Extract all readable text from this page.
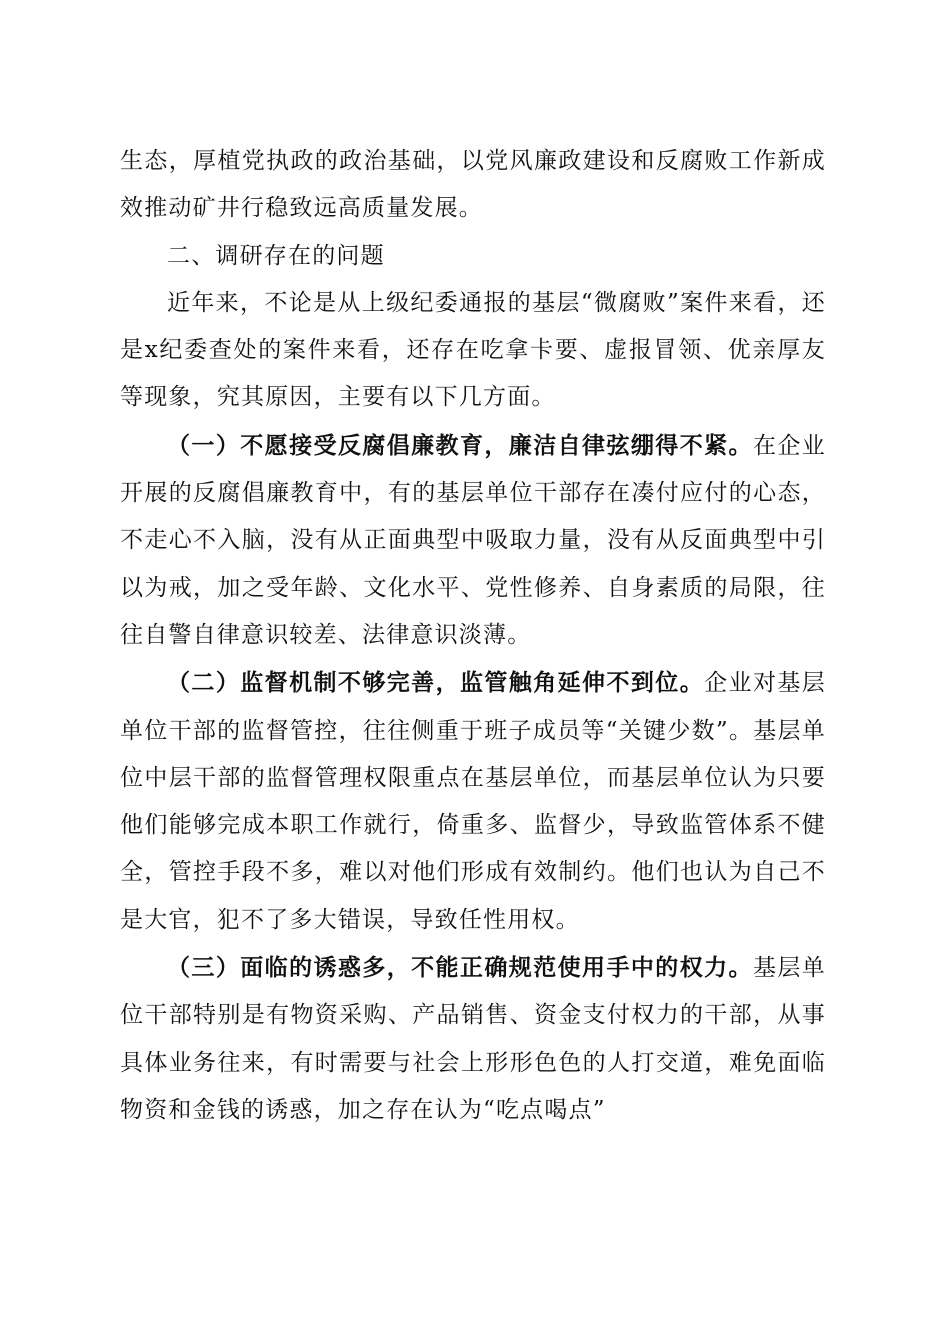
生态，厚植党执政的政治基础，以党风廉政建设和反腐败工作新成效推动矿井行稳致远高质量发展。

二、调研存在的问题

近年来，不论是从上级纪委通报的基层“微腐败”案件来看，还是x纪委查处的案件来看，还存在吃拿卡要、虚报冒领、优亲厚友等现象，究其原因，主要有以下几方面。

（一）不愿接受反腐倡廉教育，廉洁自律弦绷得不紧。在企业开展的反腐倡廉教育中，有的基层单位干部存在凑付应付的心态，不走心不入脑，没有从正面典型中吸取力量，没有从反面典型中引以为戒，加之受年龄、文化水平、党性修养、自身素质的局限，往往自警自律意识较差、法律意识淡薄。

（二）监督机制不够完善，监管触角延伸不到位。企业对基层单位干部的监督管控，往往侧重于班子成员等“关键少数”。基层单位中层干部的监督管理权限重点在基层单位，而基层单位认为只要他们能够完成本职工作就行，倚重多、监督少，导致监管体系不健全，管控手段不多，难以对他们形成有效制约。他们也认为自己不是大官，犯不了多大错误，导致任性用权。

（三）面临的诱惑多，不能正确规范使用手中的权力。基层单位干部特别是有物资采购、产品销售、资金支付权力的干部，从事具体业务往来，有时需要与社会上形形色色的人打交道，难免面临物资和金钱的诱惑，加之存在认为“吃点喝点”
